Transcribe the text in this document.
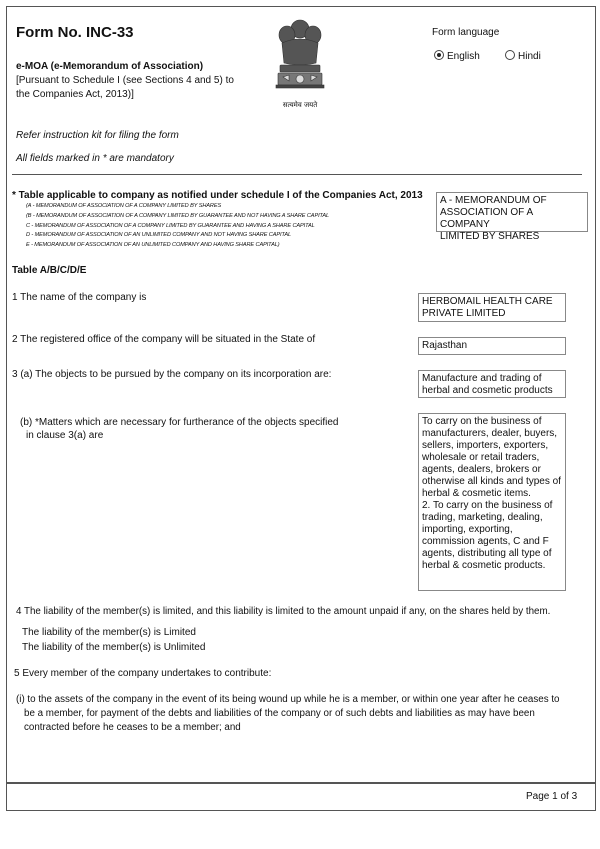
Form No. INC-33
e-MOA (e-Memorandum of Association)
[Pursuant to Schedule I (see Sections 4 and 5) to
the Companies Act, 2013)]
सत्यमेव जयते
Form language
English	Hindi
Refer instruction kit for filing the form
All fields marked in * are mandatory
* Table applicable to company as notified under schedule I of the Companies Act, 2013
(A - MEMORANDUM OF ASSOCIATION OF A COMPANY LIMITED BY SHARES
(B - MEMORANDUM OF ASSOCIATION OF A COMPANY LIMITED BY GUARANTEE AND NOT HAVING A SHARE CAPITAL
C - MEMORANDUM OF ASSOCIATION OF A COMPANY LIMITED BY GUARANTEE AND HAVING A SHARE CAPITAL
D - MEMORANDUM OF ASSOCIATION OF AN UNLIMITED COMPANY AND NOT HAVING SHARE CAPITAL
E - MEMORANDUM OF ASSOCIATION OF AN UNLIMITED COMPANY AND HAVING SHARE CAPITAL)
A - MEMORANDUM OF
ASSOCIATION OF A COMPANY
LIMITED BY SHARES
Table A/B/C/D/E
1 The name of the company is	HERBOMAIL HEALTH CARE
PRIVATE LIMITED
2 The registered office of the company will be situated in the State of
Rajasthan
3 (a) The objects to be pursued by the company on its incorporation are:	Manufacture and trading of
herbal and cosmetic products
(b) *Matters which are necessary for furtherance of the objects specified
in clause 3(a) are
To carry on the business of
manufacturers, dealer, buyers,
sellers, importers, exporters,
wholesale or retail traders,
agents, dealers, brokers or
otherwise all kinds and types of
herbal & cosmetic items.
2. To carry on the business of
trading, marketing, dealing,
importing, exporting,
commission agents, C and F
agents, distributing all type of
herbal & cosmetic products.
4 The liability of the member(s) is limited, and this liability is limited to the amount unpaid if any, on the shares held by them.
The liability of the member(s) is Limited
The liability of the member(s) is Unlimited
5 Every member of the company undertakes to contribute:
(i) to the assets of the company in the event of its being wound up while he is a member, or within one year after he ceases to
be a member, for payment of the debts and liabilities of the company or of such debts and liabilities as may have been
contracted before he ceases to be a member; and
Page 1 of 3
